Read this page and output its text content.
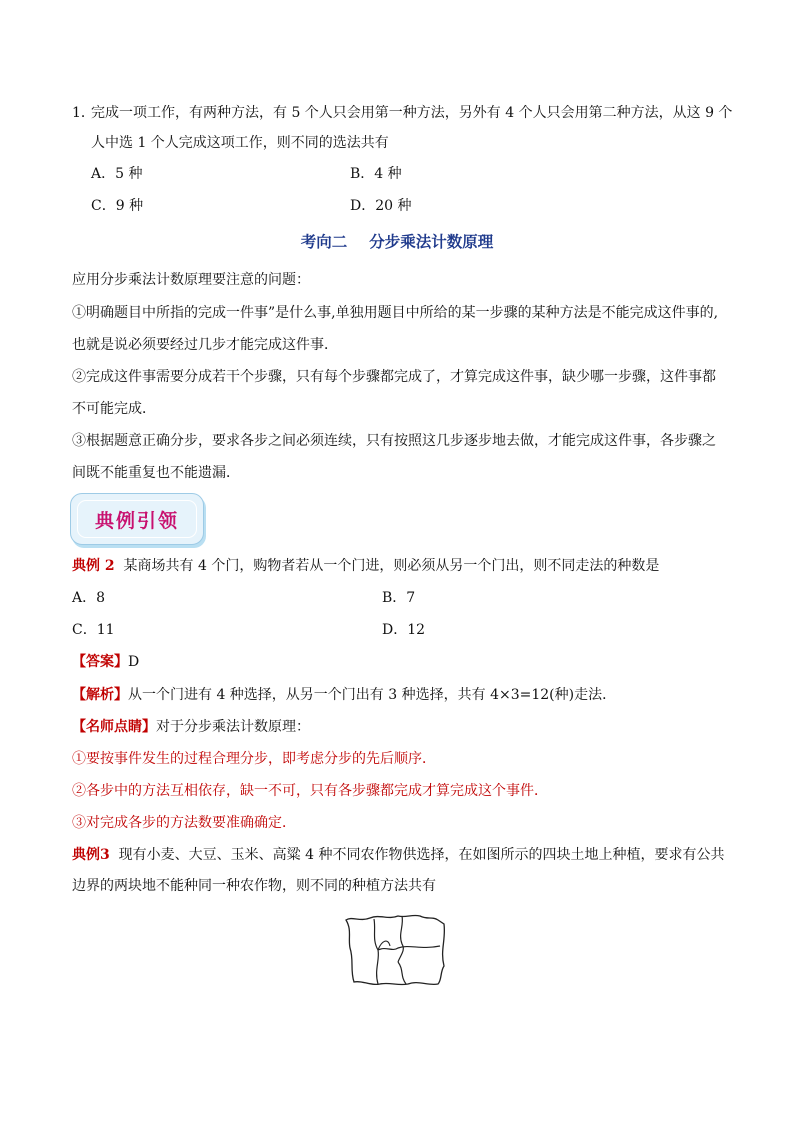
1．
完成一项工作，有两种方法，有 5 个人只会用第一种方法，另外有 4 个人只会用第二种方法，从这 9 个
人中选 1 个人完成这项工作，则不同的选法共有
A．5 种	B．4 种
C．9 种	D．20 种
考向二 分步乘法计数原理
应用分步乘法计数原理要注意的问题：
①明确题目中所指的完成一件事”是什么事,单独用题目中所给的某一步骤的某种方法是不能完成这件事的,
也就是说必须要经过几步才能完成这件事．
②完成这件事需要分成若干个步骤，只有每个步骤都完成了，才算完成这件事，缺少哪一步骤，这件事都
不可能完成．
③根据题意正确分步，要求各步之间必须连续，只有按照这几步逐步地去做，才能完成这件事，各步骤之
间既不能重复也不能遗漏．
典例引领
典例 2 某商场共有 4 个门，购物者若从一个门进，则必须从另一个门出，则不同走法的种数是
A．8	B．7
C．11	D．12
【答案】D
【解析】从一个门进有 4 种选择，从另一个门出有 3 种选择，共有 4×3=12(种)走法．
【名师点睛】对于分步乘法计数原理：
①要按事件发生的过程合理分步，即考虑分步的先后顺序．
②各步中的方法互相依存，缺一不可，只有各步骤都完成才算完成这个事件．
③对完成各步的方法数要准确确定．
典例3 现有小麦、大豆、玉米、高粱 4 种不同农作物供选择，在如图所示的四块土地上种植，要求有公共
边界的两块地不能种同一种农作物，则不同的种植方法共有
